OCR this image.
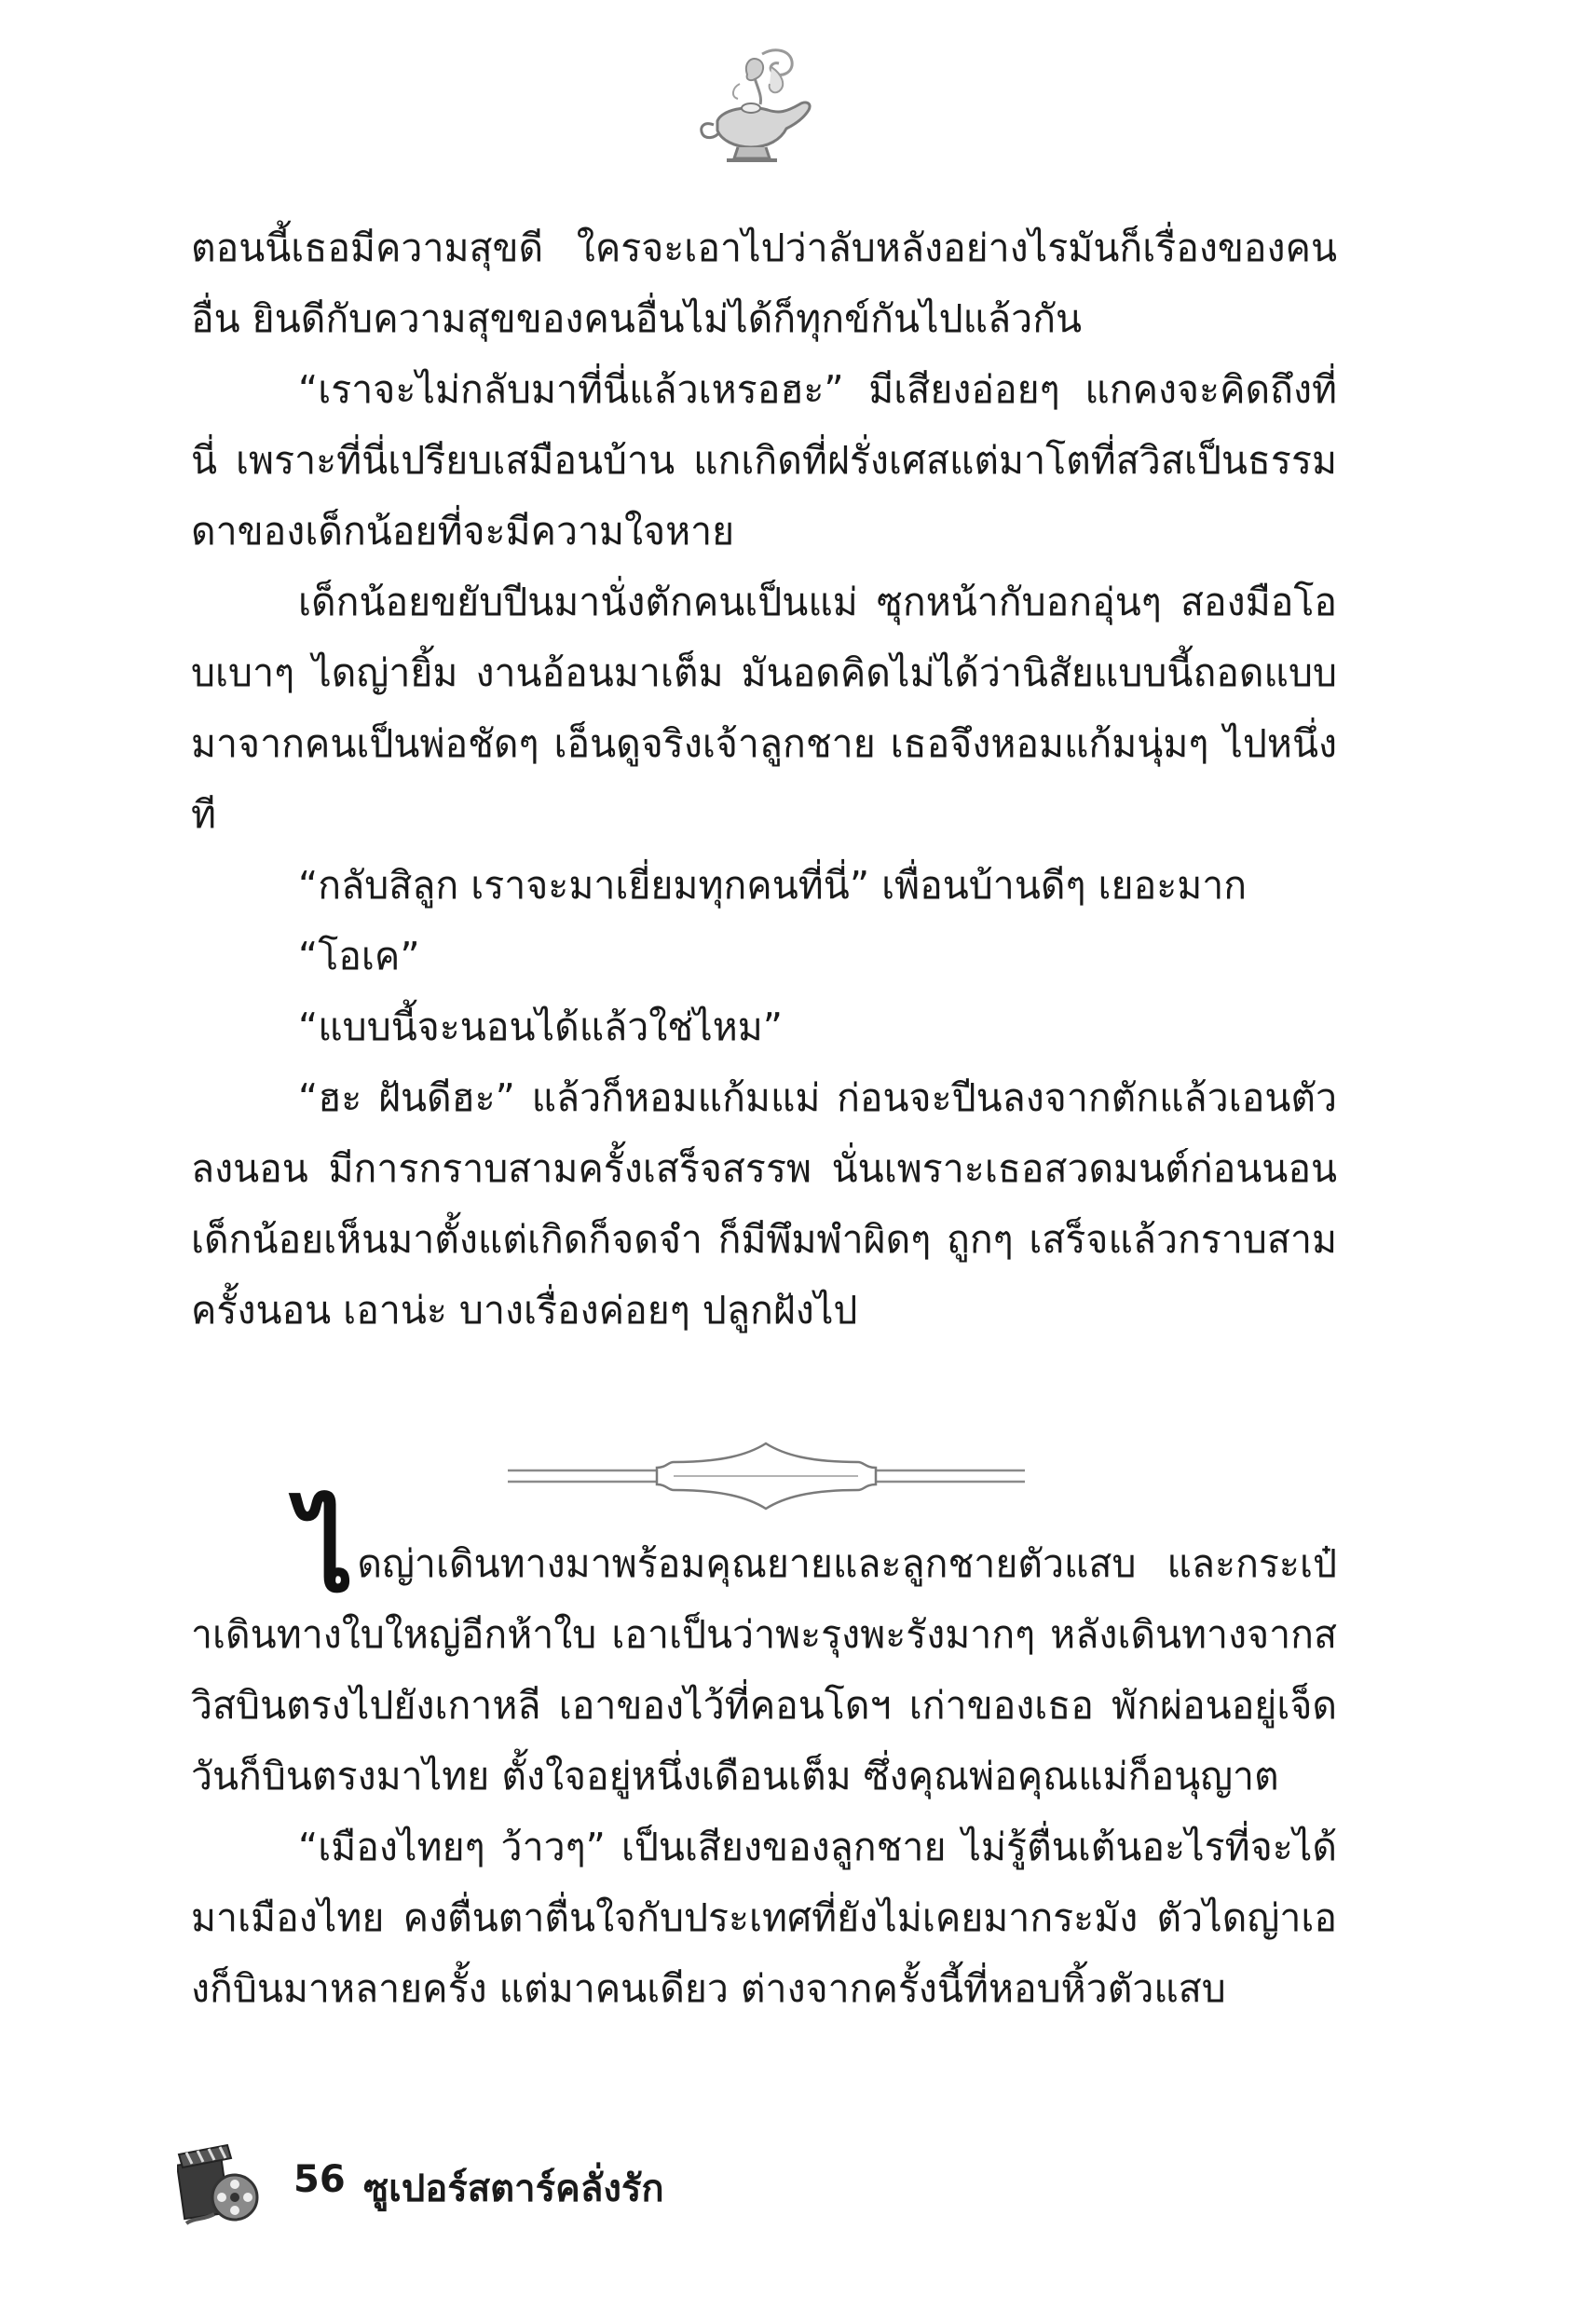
ตอนนี้เธอมีความสุขดี ใครจะเอาไปว่าลับหลังอย่างไรมันก็เรื่องของคนอื่น ยินดีกับความสุขของคนอื่นไม่ได้ก็ทุกข์กันไปแล้วกัน

“เราจะไม่กลับมาที่นี่แล้วเหรอฮะ” มีเสียงอ่อยๆ แกคงจะคิดถึงที่นี่ เพราะที่นี่เปรียบเสมือนบ้าน แกเกิดที่ฝรั่งเศสแต่มาโตที่สวิสเป็นธรรมดาของเด็กน้อยที่จะมีความใจหาย

เด็กน้อยขยับปีนมานั่งตักคนเป็นแม่ ซุกหน้ากับอกอุ่นๆ สองมือโอบเบาๆ ไดญ่ายิ้ม งานอ้อนมาเต็ม มันอดคิดไม่ได้ว่านิสัยแบบนี้ถอดแบบมาจากคนเป็นพ่อชัดๆ เอ็นดูจริงเจ้าลูกชาย เธอจึงหอมแก้มนุ่มๆ ไปหนึ่งที

“กลับสิลูก เราจะมาเยี่ยมทุกคนที่นี่” เพื่อนบ้านดีๆ เยอะมาก

“โอเค”

“แบบนี้จะนอนได้แล้วใช่ไหม”

“ฮะ ฝันดีฮะ” แล้วก็หอมแก้มแม่ ก่อนจะปีนลงจากตักแล้วเอนตัวลงนอน มีการกราบสามครั้งเสร็จสรรพ นั่นเพราะเธอสวดมนต์ก่อนนอน เด็กน้อยเห็นมาตั้งแต่เกิดก็จดจำ ก็มีพึมพำผิดๆ ถูกๆ เสร็จแล้วกราบสามครั้งนอน เอาน่ะ บางเรื่องค่อยๆ ปลูกฝังไป

ไดญ่าเดินทางมาพร้อมคุณยายและลูกชายตัวแสบ และกระเป๋าเดินทางใบใหญ่อีกห้าใบ เอาเป็นว่าพะรุงพะรังมากๆ หลังเดินทางจากสวิสบินตรงไปยังเกาหลี เอาของไว้ที่คอนโดฯ เก่าของเธอ พักผ่อนอยู่เจ็ดวันก็บินตรงมาไทย ตั้งใจอยู่หนึ่งเดือนเต็ม ซึ่งคุณพ่อคุณแม่ก็อนุญาต

“เมืองไทยๆ ว้าวๆ” เป็นเสียงของลูกชาย ไม่รู้ตื่นเต้นอะไรที่จะได้มาเมืองไทย คงตื่นตาตื่นใจกับประเทศที่ยังไม่เคยมากระมัง ตัวไดญ่าเองก็บินมาหลายครั้ง แต่มาคนเดียว ต่างจากครั้งนี้ที่หอบหิ้วตัวแสบ

56 ซูเปอร์สตาร์คลั่งรัก
